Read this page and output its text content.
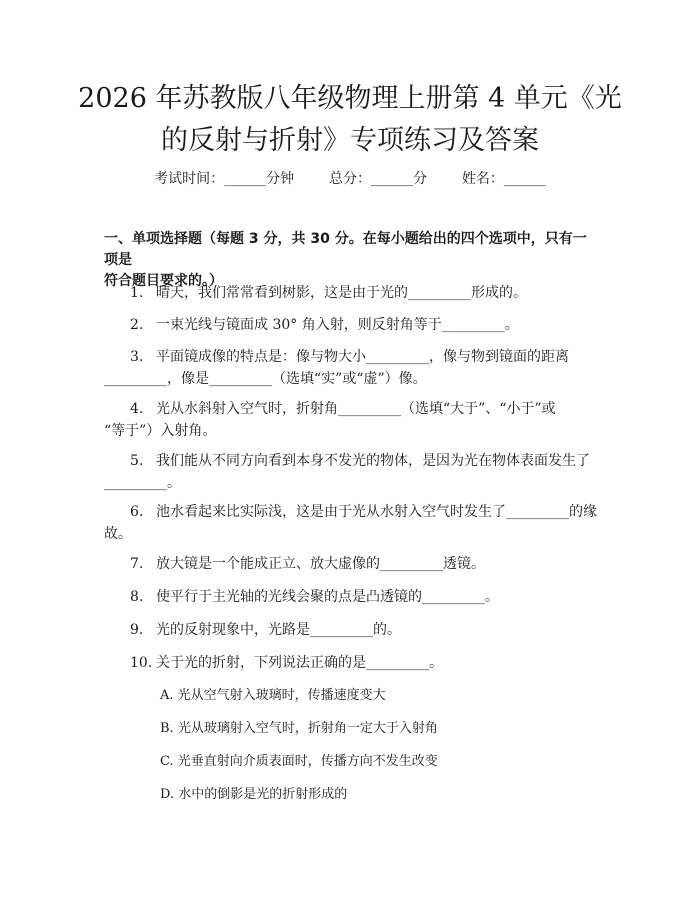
2026 年苏教版八年级物理上册第 4 单元《光
的反射与折射》专项练习及答案
考试时间：______分钟 总分：______分 姓名：______
一、单项选择题（每题 3 分，共 30 分。在每小题给出的四个选项中，只有一项是
符合题目要求的。）
1. 晴天，我们常常看到树影，这是由于光的_________形成的。
2. 一束光线与镜面成 30° 角入射，则反射角等于_________。
3. 平面镜成像的特点是：像与物大小_________，像与物到镜面的距离
_________，像是_________（选填“实”或“虚”）像。
4. 光从水斜射入空气时，折射角_________（选填“大于”、“小于”或
“等于”）入射角。
5. 我们能从不同方向看到本身不发光的物体，是因为光在物体表面发生了
_________。
6. 池水看起来比实际浅，这是由于光从水射入空气时发生了_________的缘
故。
7. 放大镜是一个能成正立、放大虚像的_________透镜。
8. 使平行于主光轴的光线会聚的点是凸透镜的_________。
9. 光的反射现象中，光路是_________的。
10. 关于光的折射，下列说法正确的是_________。
A. 光从空气射入玻璃时，传播速度变大
B. 光从玻璃射入空气时，折射角一定大于入射角
C. 光垂直射向介质表面时，传播方向不发生改变
D. 水中的倒影是光的折射形成的
